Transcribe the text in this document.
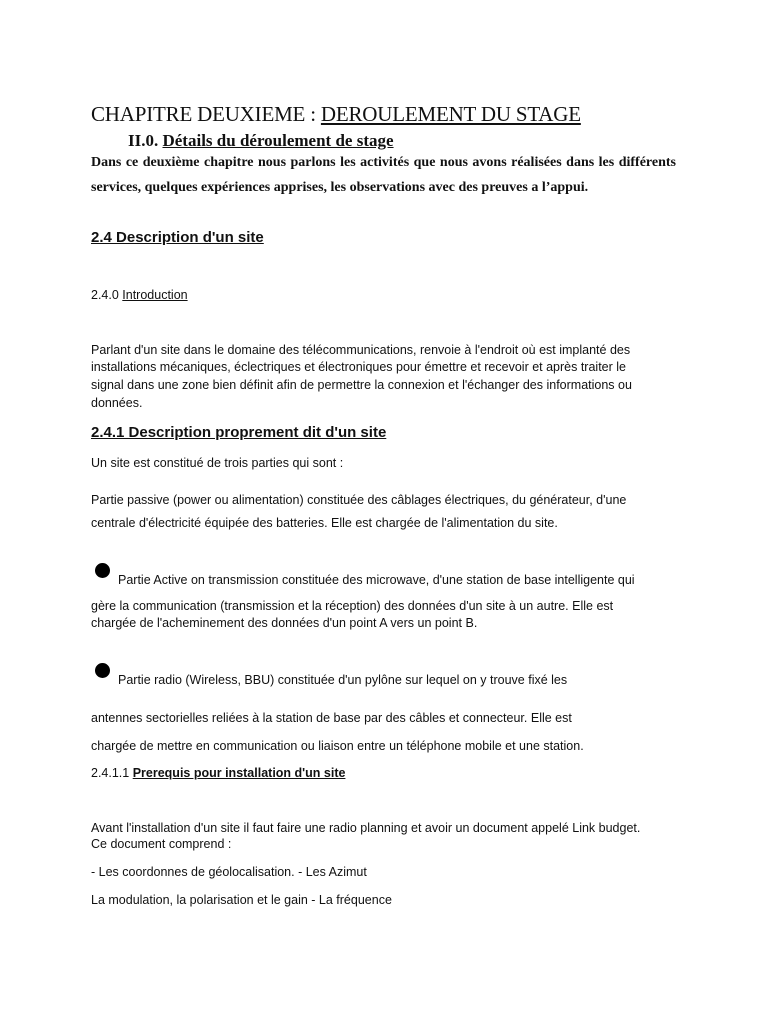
CHAPITRE DEUXIEME : DEROULEMENT DU STAGE
II.0. Détails du déroulement de stage
Dans ce deuxième chapitre nous parlons les activités que nous avons réalisées dans les différents services, quelques expériences apprises, les observations avec des preuves a l’appui.
2.4 Description d'un site
2.4.0 Introduction
Parlant d'un site dans le domaine des télécommunications, renvoie à l'endroit où est implanté des
installations mécaniques, éclectriques et électroniques pour émettre et recevoir et après traiter le
signal dans une zone bien définit afin de permettre la connexion et l'échanger des informations ou
données.
2.4.1 Description proprement dit d'un site
Un site est constitué de trois parties qui sont :
Partie passive (power ou alimentation) constituée des câblages électriques, du générateur, d'une
centrale d'électricité équipée des batteries. Elle est chargée de l'alimentation du site.
Partie Active on transmission constituée des microwave, d'une station de base intelligente qui
gère la communication (transmission et la réception) des données d'un site à un autre. Elle est
chargée de l'acheminement des données d'un point A vers un point B.
Partie radio (Wireless, BBU) constituée d'un pylône sur lequel on y trouve fixé les
antennes sectorielles reliées à la station de base par des câbles et connecteur. Elle est
chargée de mettre en communication ou liaison entre un téléphone mobile et une station.
2.4.1.1 Prerequis pour installation d'un site
Avant l'installation d'un site il faut faire une radio planning et avoir un document appelé Link budget.
Ce document comprend :
- Les coordonnes de géolocalisation. - Les Azimut
La modulation, la polarisation et le gain - La fréquence
